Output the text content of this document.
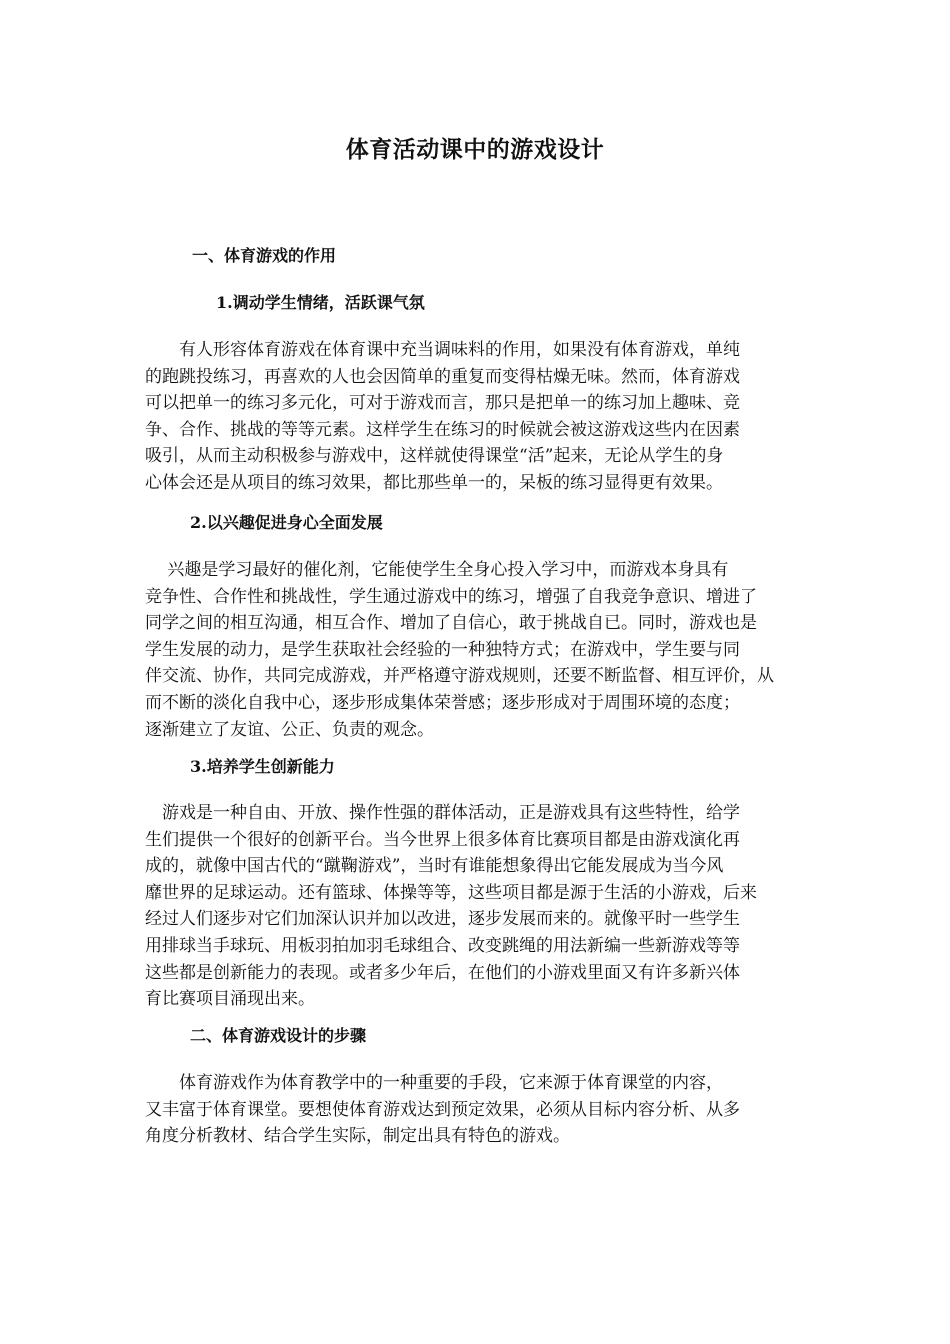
体育活动课中的游戏设计
一、体育游戏的作用
1.调动学生情绪，活跃课气氛
　　有人形容体育游戏在体育课中充当调味料的作用，如果没有体育游戏，单纯
的跑跳投练习，再喜欢的人也会因简单的重复而变得枯燥无味。然而，体育游戏
可以把单一的练习多元化，可对于游戏而言，那只是把单一的练习加上趣味、竞
争、合作、挑战的等等元素。这样学生在练习的时候就会被这游戏这些内在因素
吸引，从而主动积极参与游戏中，这样就使得课堂“活”起来，无论从学生的身
心体会还是从项目的练习效果，都比那些单一的，呆板的练习显得更有效果。
2.以兴趣促进身心全面发展
　 兴趣是学习最好的催化剂，它能使学生全身心投入学习中，而游戏本身具有
竞争性、合作性和挑战性，学生通过游戏中的练习，增强了自我竞争意识、增进了
同学之间的相互沟通，相互合作、增加了自信心，敢于挑战自已。同时，游戏也是
学生发展的动力，是学生获取社会经验的一种独特方式；在游戏中，学生要与同
伴交流、协作，共同完成游戏，并严格遵守游戏规则，还要不断监督、相互评价，从
而不断的淡化自我中心，逐步形成集体荣誉感；逐步形成对于周围环境的态度；
逐渐建立了友谊、公正、负责的观念。
3.培养学生创新能力
　游戏是一种自由、开放、操作性强的群体活动，正是游戏具有这些特性，给学
生们提供一个很好的创新平台。当今世界上很多体育比赛项目都是由游戏演化再
成的，就像中国古代的“蹴鞠游戏”，当时有谁能想象得出它能发展成为当今风
靡世界的足球运动。还有篮球、体操等等，这些项目都是源于生活的小游戏，后来
经过人们逐步对它们加深认识并加以改进，逐步发展而来的。就像平时一些学生
用排球当手球玩、用板羽拍加羽毛球组合、改变跳绳的用法新编一些新游戏等等
这些都是创新能力的表现。或者多少年后，在他们的小游戏里面又有许多新兴体
育比赛项目涌现出来。
二、体育游戏设计的步骤
　　体育游戏作为体育教学中的一种重要的手段，它来源于体育课堂的内容，
又丰富于体育课堂。要想使体育游戏达到预定效果，必须从目标内容分析、从多
角度分析教材、结合学生实际，制定出具有特色的游戏。
